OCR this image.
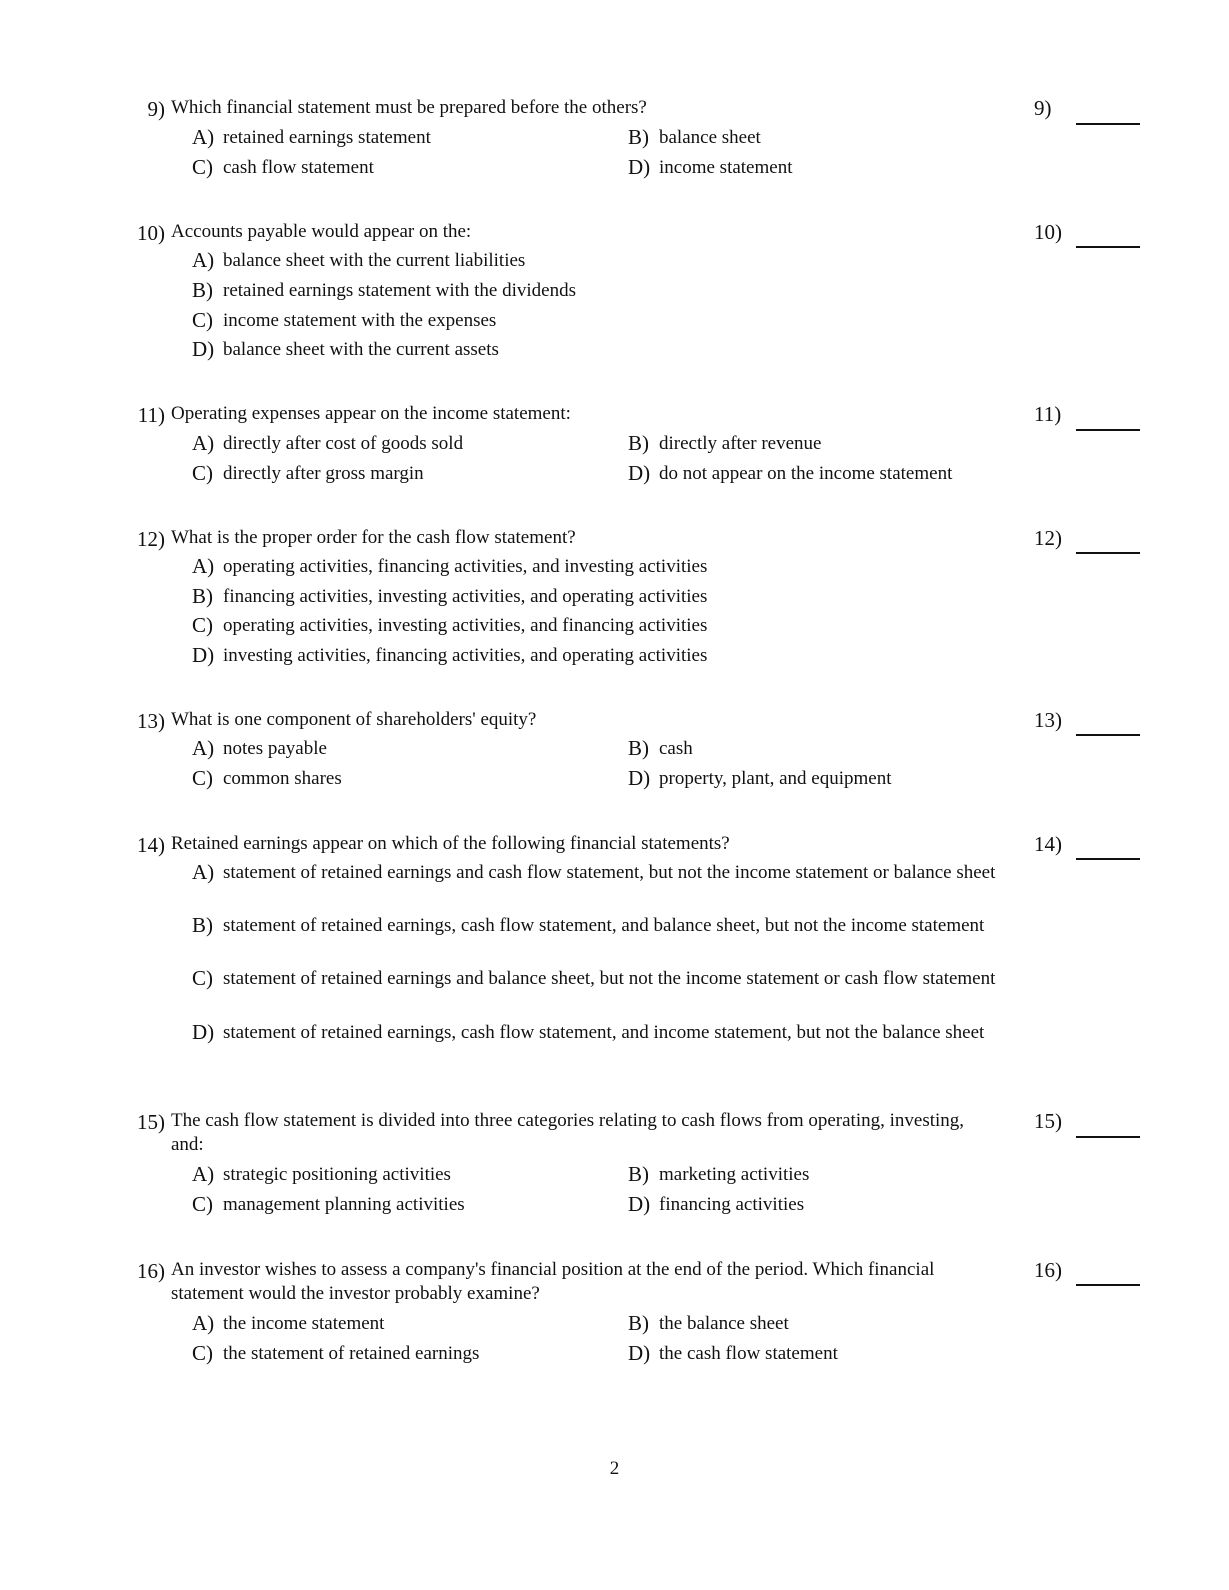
9) Which financial statement must be prepared before the others?	9)
A) retained earnings statement	B) balance sheet
C) cash flow statement	D) income statement
10) Accounts payable would appear on the:	10)
A) balance sheet with the current liabilities
B) retained earnings statement with the dividends
C) income statement with the expenses
D) balance sheet with the current assets
11) Operating expenses appear on the income statement:	11)
A) directly after cost of goods sold	B) directly after revenue
C) directly after gross margin	D) do not appear on the income statement
12) What is the proper order for the cash flow statement?	12)
A) operating activities, financing activities, and investing activities
B) financing activities, investing activities, and operating activities
C) operating activities, investing activities, and financing activities
D) investing activities, financing activities, and operating activities
13) What is one component of shareholders' equity?	13)
A) notes payable	B) cash
C) common shares	D) property, plant, and equipment
14) Retained earnings appear on which of the following financial statements?	14)
A) statement of retained earnings and cash flow statement, but not the income statement or balance sheet
B) statement of retained earnings, cash flow statement, and balance sheet, but not the income statement
C) statement of retained earnings and balance sheet, but not the income statement or cash flow statement
D) statement of retained earnings, cash flow statement, and income statement, but not the balance sheet
15) The cash flow statement is divided into three categories relating to cash flows from operating, investing, and:
15)
A) strategic positioning activities	B) marketing activities
C) management planning activities	D) financing activities
16) An investor wishes to assess a company's financial position at the end of the period. Which financial statement would the investor probably examine?
16)
A) the income statement	B) the balance sheet
C) the statement of retained earnings	D) the cash flow statement
2
